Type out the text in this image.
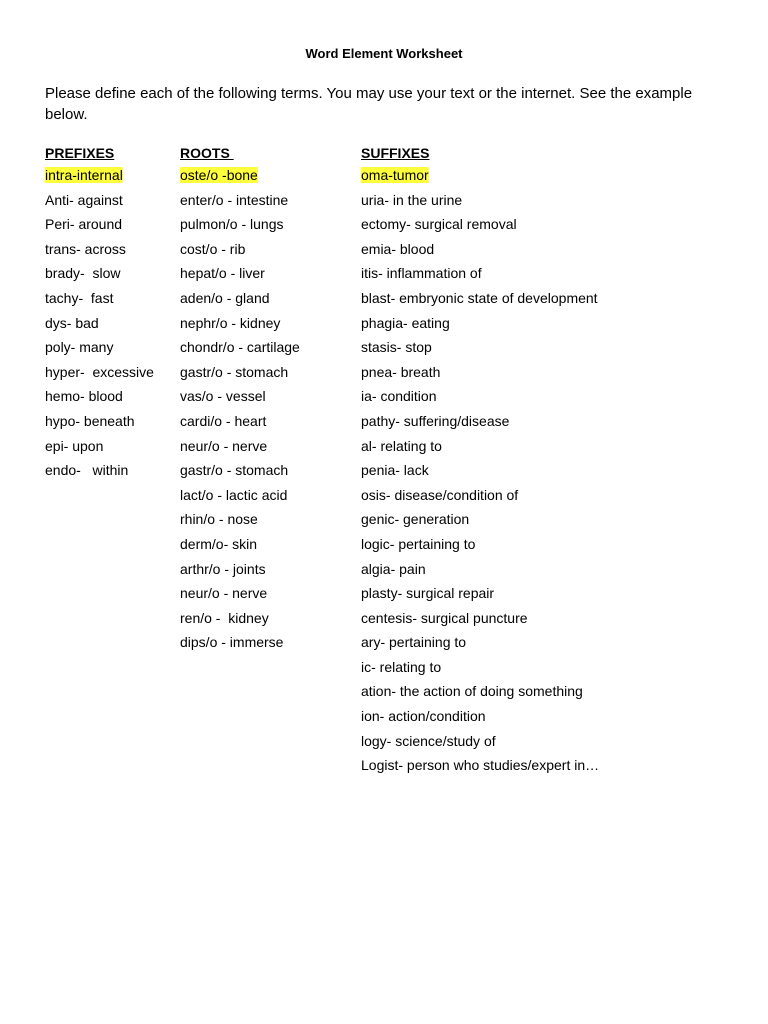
Word Element Worksheet
Please define each of the following terms. You may use your text or the internet. See the example below.
PREFIXES
intra-internal
Anti- against
Peri- around
trans- across
brady-  slow
tachy-  fast
dys- bad
poly- many
hyper-  excessive
hemo- blood
hypo- beneath
epi- upon
endo-   within
ROOTS
oste/o -bone
enter/o - intestine
pulmon/o - lungs
cost/o - rib
hepat/o - liver
aden/o - gland
nephr/o - kidney
chondr/o - cartilage
gastr/o - stomach
vas/o - vessel
cardi/o - heart
neur/o - nerve
gastr/o - stomach
lact/o - lactic acid
rhin/o - nose
derm/o- skin
arthr/o - joints
neur/o - nerve
ren/o -  kidney
dips/o - immerse
SUFFIXES
oma-tumor
uria- in the urine
ectomy- surgical removal
emia- blood
itis- inflammation of
blast- embryonic state of development
phagia- eating
stasis- stop
pnea- breath
ia- condition
pathy- suffering/disease
al- relating to
penia- lack
osis- disease/condition of
genic- generation
logic- pertaining to
algia- pain
plasty- surgical repair
centesis- surgical puncture
ary- pertaining to
ic- relating to
ation- the action of doing something
ion- action/condition
logy- science/study of
Logist- person who studies/expert in…
